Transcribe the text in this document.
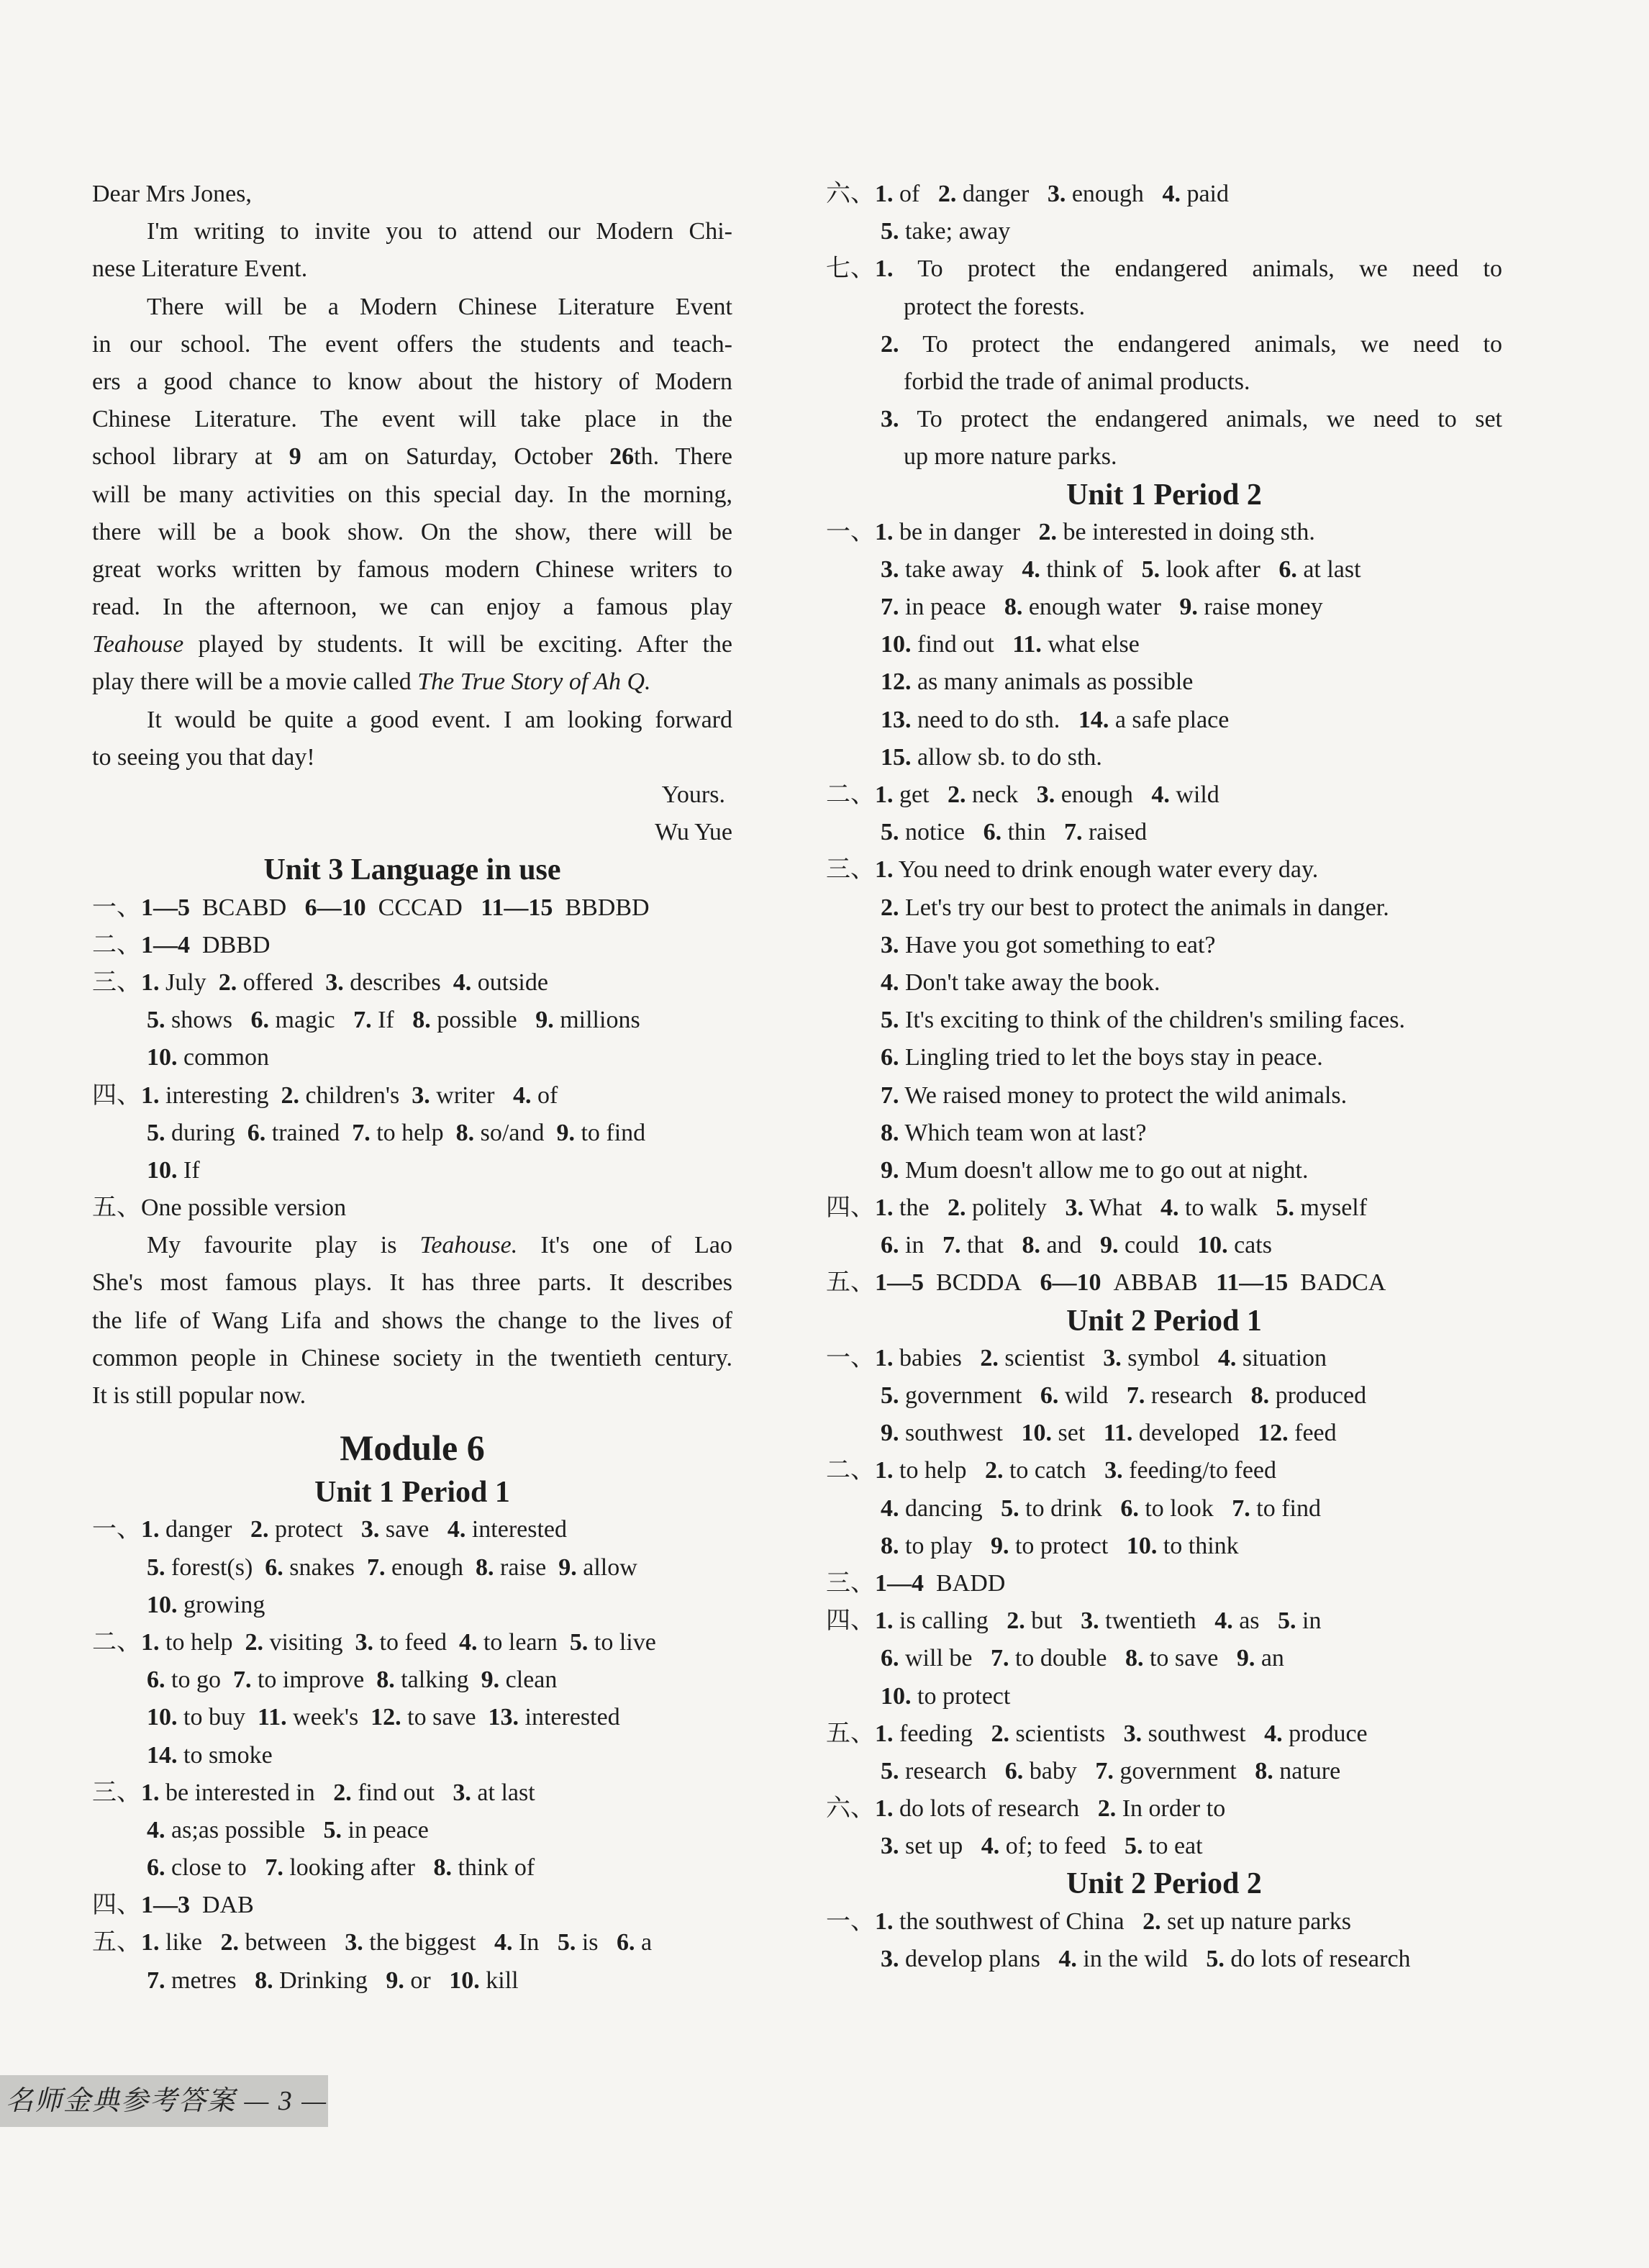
Dear Mrs Jones,
I'm writing to invite you to attend our Modern Chi-
nese Literature Event.
There will be a Modern Chinese Literature Event
in our school. The event offers the students and teach-
ers a good chance to know about the history of Modern
Chinese Literature. The event will take place in the
school library at 9 am on Saturday, October 26th. There
will be many activities on this special day. In the morning,
there will be a book show. On the show, there will be
great works written by famous modern Chinese writers to
read. In the afternoon, we can enjoy a famous play
Teahouse played by students. It will be exciting. After the
play there will be a movie called The True Story of Ah Q.
It would be quite a good event. I am looking forward
to seeing you that day!
Yours.
Wu Yue
Unit 3 Language in use
一、1—5 BCABD 6—10 CCCAD 11—15 BBDBD
二、1—4 DBBD
三、1. July 2. offered 3. describes 4. outside
5. shows 6. magic 7. If 8. possible 9. millions
10. common
四、1. interesting 2. children's 3. writer 4. of
5. during 6. trained 7. to help 8. so/and 9. to find
10. If
五、One possible version
My favourite play is Teahouse. It's one of Lao
She's most famous plays. It has three parts. It describes
the life of Wang Lifa and shows the change to the lives of
common people in Chinese society in the twentieth century.
It is still popular now.
Module 6
Unit 1 Period 1
一、1. danger 2. protect 3. save 4. interested
5. forest(s) 6. snakes 7. enough 8. raise 9. allow
10. growing
二、1. to help 2. visiting 3. to feed 4. to learn 5. to live
6. to go 7. to improve 8. talking 9. clean
10. to buy 11. week's 12. to save 13. interested
14. to smoke
三、1. be interested in 2. find out 3. at last
4. as;as possible 5. in peace
6. close to 7. looking after 8. think of
四、1—3 DAB
五、1. like 2. between 3. the biggest 4. In 5. is 6. a
7. metres 8. Drinking 9. or 10. kill
六、1. of 2. danger 3. enough 4. paid
5. take; away
七、1. To protect the endangered animals, we need to
protect the forests.
2. To protect the endangered animals, we need to
forbid the trade of animal products.
3. To protect the endangered animals, we need to set
up more nature parks.
Unit 1 Period 2
一、1. be in danger 2. be interested in doing sth.
3. take away 4. think of 5. look after 6. at last
7. in peace 8. enough water 9. raise money
10. find out 11. what else
12. as many animals as possible
13. need to do sth. 14. a safe place
15. allow sb. to do sth.
二、1. get 2. neck 3. enough 4. wild
5. notice 6. thin 7. raised
三、1. You need to drink enough water every day.
2. Let's try our best to protect the animals in danger.
3. Have you got something to eat?
4. Don't take away the book.
5. It's exciting to think of the children's smiling faces.
6. Lingling tried to let the boys stay in peace.
7. We raised money to protect the wild animals.
8. Which team won at last?
9. Mum doesn't allow me to go out at night.
四、1. the 2. politely 3. What 4. to walk 5. myself
6. in 7. that 8. and 9. could 10. cats
五、1—5 BCDDA 6—10 ABBAB 11—15 BADCA
Unit 2 Period 1
一、1. babies 2. scientist 3. symbol 4. situation
5. government 6. wild 7. research 8. produced
9. southwest 10. set 11. developed 12. feed
二、1. to help 2. to catch 3. feeding/to feed
4. dancing 5. to drink 6. to look 7. to find
8. to play 9. to protect 10. to think
三、1—4 BADD
四、1. is calling 2. but 3. twentieth 4. as 5. in
6. will be 7. to double 8. to save 9. an
10. to protect
五、1. feeding 2. scientists 3. southwest 4. produce
5. research 6. baby 7. government 8. nature
六、1. do lots of research 2. In order to
3. set up 4. of; to feed 5. to eat
Unit 2 Period 2
一、1. the southwest of China 2. set up nature parks
3. develop plans 4. in the wild 5. do lots of research
名师金典参考答案 — 3 —
